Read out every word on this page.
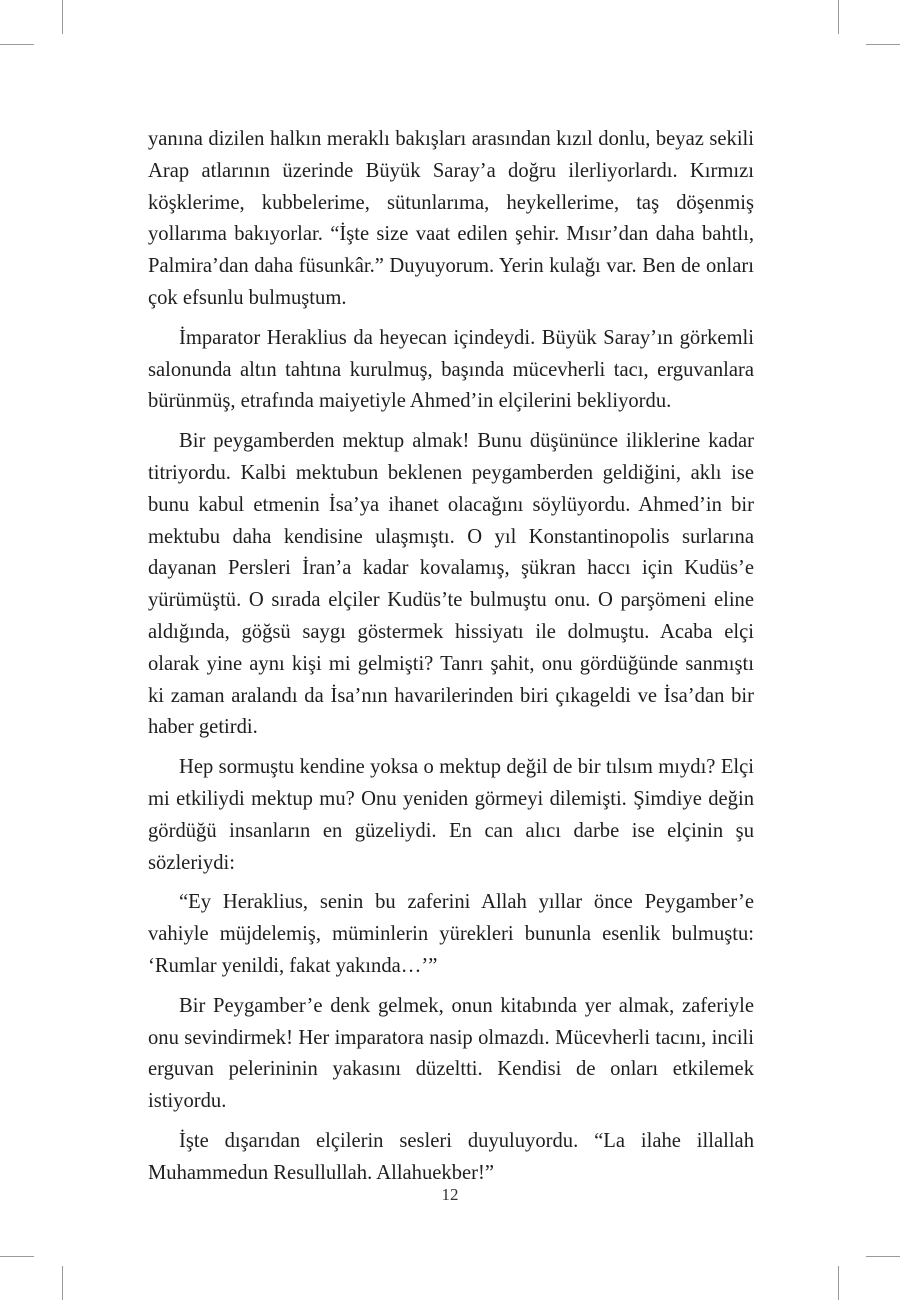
yanına dizilen halkın meraklı bakışları arasından kızıl donlu, beyaz sekili Arap atlarının üzerinde Büyük Saray’a doğru ilerliyorlardı. Kırmızı köşklerime, kubbelerime, sütunlarıma, heykellerime, taş döşenmiş yollarıma bakıyorlar. “İşte size vaat edilen şehir. Mısır’dan daha bahtlı, Palmira’dan daha füsunkâr.” Duyuyorum. Yerin kulağı var. Ben de onları çok efsunlu bulmuştum.

İmparator Heraklius da heyecan içindeydi. Büyük Saray’ın görkemli salonunda altın tahtına kurulmuş, başında mücevherli tacı, erguvanlara bürünmüş, etrafında maiyetiyle Ahmed’in elçilerini bekliyordu.

Bir peygamberden mektup almak! Bunu düşününce iliklerine kadar titriyordu. Kalbi mektubun beklenen peygamberden geldiğini, aklı ise bunu kabul etmenin İsa’ya ihanet olacağını söylüyordu. Ahmed’in bir mektubu daha kendisine ulaşmıştı. O yıl Konstantinopolis surlarına dayanan Persleri İran’a kadar kovalamış, şükran haccı için Kudüs’e yürümüştü. O sırada elçiler Kudüs’te bulmuştu onu. O parşömeni eline aldığında, göğsü saygı göstermek hissiyatı ile dolmuştu. Acaba elçi olarak yine aynı kişi mi gelmişti? Tanrı şahit, onu gördüğünde sanmıştı ki zaman aralandı da İsa’nın havarilerinden biri çıkageldi ve İsa’dan bir haber getirdi.

Hep sormuştu kendine yoksa o mektup değil de bir tılsım mıydı? Elçi mi etkiliydi mektup mu? Onu yeniden görmeyi dilemişti. Şimdiye değin gördüğü insanların en güzeliydi. En can alıcı darbe ise elçinin şu sözleriydi:

“Ey Heraklius, senin bu zaferini Allah yıllar önce Peygamber’e vahiyle müjdelemiş, müminlerin yürekleri bununla esenlik bulmuştu: ‘Rumlar yenildi, fakat yakında…’”

Bir Peygamber’e denk gelmek, onun kitabında yer almak, zaferiyle onu sevindirmek! Her imparatora nasip olmazdı. Mücevherli tacını, incili erguvan pelerininin yakasını düzeltti. Kendisi de onları etkilemek istiyordu.

İşte dışarıdan elçilerin sesleri duyuluyordu. “La ilahe illallah Muhammedun Resullullah. Allahuekber!”

12
